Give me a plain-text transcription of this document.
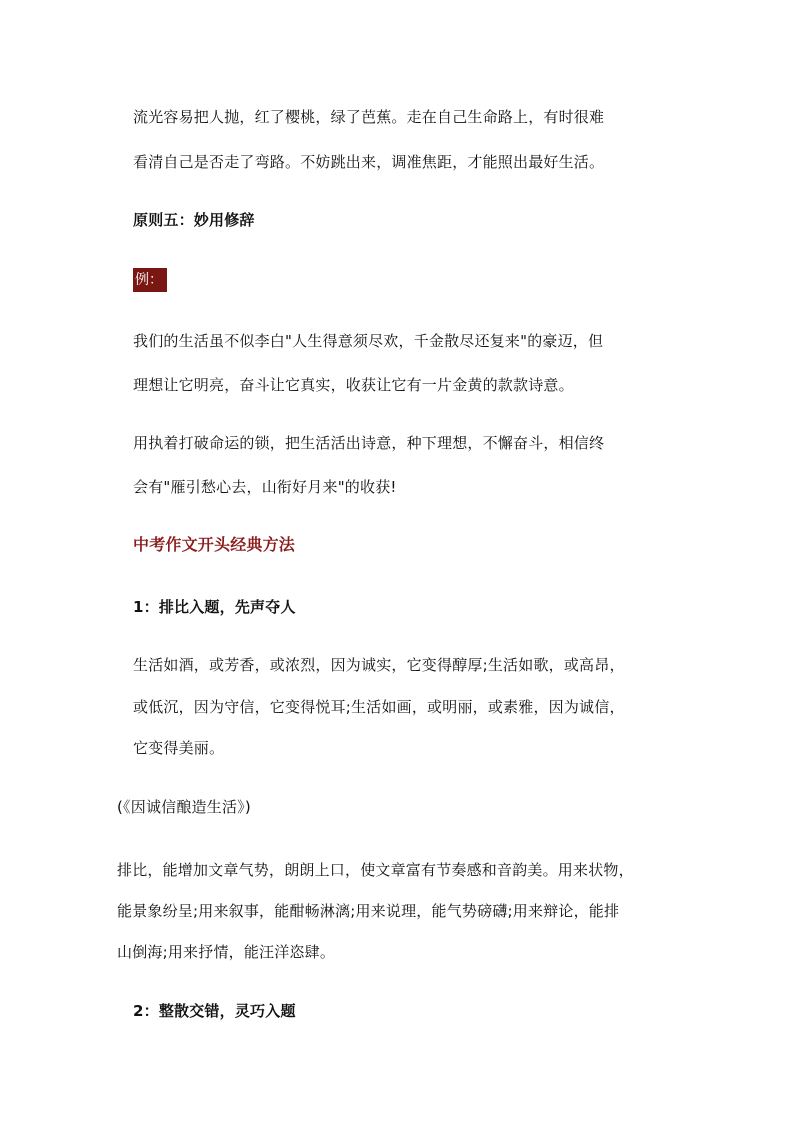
流光容易把人抛，红了樱桃，绿了芭蕉。走在自己生命路上，有时很难
看清自己是否走了弯路。不妨跳出来，调准焦距，才能照出最好生活。
原则五：妙用修辞
例：
我们的生活虽不似李白"人生得意须尽欢，千金散尽还复来"的豪迈，但
理想让它明亮，奋斗让它真实，收获让它有一片金黄的款款诗意。
用执着打破命运的锁，把生活活出诗意，种下理想，不懈奋斗，相信终
会有"雁引愁心去，山衔好月来"的收获!
中考作文开头经典方法
1：排比入题，先声夺人
生活如酒，或芳香，或浓烈，因为诚实，它变得醇厚;生活如歌，或高昂，
或低沉，因为守信，它变得悦耳;生活如画，或明丽，或素雅，因为诚信，
它变得美丽。
(《因诚信酿造生活》)
排比，能增加文章气势，朗朗上口，使文章富有节奏感和音韵美。用来状物，
能景象纷呈;用来叙事，能酣畅淋漓;用来说理，能气势磅礴;用来辩论，能排
山倒海;用来抒情，能汪洋恣肆。
2：整散交错，灵巧入题
